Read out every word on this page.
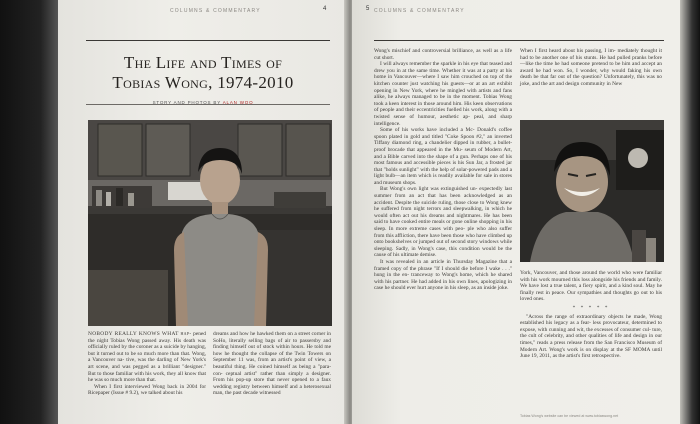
COLUMNS & COMMENTARY	4
The Life and Times of
Tobias Wong, 1974-2010
STORY AND PHOTOS BY ALAN WOO

NOBODY REALLY KNOWS WHAT hap- pened the night Tobias Wong passed away. His death was officially ruled by the coroner as a suicide by hanging, but it turned out to be so much more than that. Wong, a Vancouver na- tive, was the darling of New York's art scene, and was pegged as a brilliant "designer." But to those familiar with his work, they all know that he was so much more than that.

When I first interviewed Wong back in 2004 for Ricepaper (Issue # 9.2), we talked about his

dreams and how he hawked them on a street corner in SoHo, literally selling bags of air to passersby and finding himself out of stock within hours. He told me how he thought the collapse of the Twin Towers on September 11 was, from an artist's point of view, a beautiful thing. He coined himself as being a "para-con- ceptual artist" rather than simply a designer. From his pop-up store that never opened to a faux wedding registry between himself and a heterosexual man, the past decade witnessed

5 COLUMNS & COMMENTARY

Wong's mischief and controversial brilliance, as well as a life cut short.

I will always remember the sparkle in his eye that teased and drew you in at the same time. Whether it was at a party at his home in Vancouver—where I saw him crouched on top of the kitchen counter just watching his guests—or at an art exhibit opening in New York, where he mingled with artists and fans alike, he always managed to be in the moment. Tobias Wong took a keen interest in those around him. His keen observations of people and their eccentricities fuelled his work, along with a twisted sense of humour, aesthetic ap- peal, and sharp intelligence.

Some of his works have included a Mc- Donald's coffee spoon plated in gold and titled "Coke Spoon #2," an inverted Tiffany diamond ring, a chandelier dipped in rubber, a bullet-proof brocade that appeared in the Mu- seum of Modern Art, and a Bible carved into the shape of a gun. Perhaps one of his most famous and accessible pieces is his Sun Jar, a frosted jar that "holds sunlight" with the help of solar-powered pads and a light bulb—an item which is readily available for sale in stores and museum shops.

But Wong's own light was extinguished un- expectedly last summer from an act that has been acknowledged as an accident. Despite the suicide ruling, those close to Wong knew he suffered from night terrors and sleepwalking, in which he would often act out his dreams and nightmares. He has been said to have cooked entire meals or gone online shopping in his sleep. In more extreme cases with peo- ple who also suffer from this affliction, there have been those who have climbed up onto bookshelves or jumped out of second story windows while sleeping. Sadly, in Wong's case, this condition would be the cause of his ultimate demise.

It was revealed in an article in Thursday Magazine that a framed copy of the phrase "If I should die before I wake . . ." hung in the en- tranceway to Wong's home, which he shared with his partner. He had added in his own lines, apologizing in case he should ever hurt anyone in his sleep, as an inside joke.

When I first heard about his passing, I im- mediately thought it had to be another one of his stunts. He had pulled pranks before—like the time he had someone pretend to be him and accept an award he had won. So, I wonder, why would faking his own death be that far out of the question? Unfortunately, this was no joke, and the art and design community in New

York, Vancouver, and those around the world who were familiar with his work mourned this loss alongside his friends and family. We have lost a true talent, a fiery spirit, and a kind soul. May he finally rest in peace. Our sympathies and thoughts go out to his loved ones.

* * * * *

"Across the range of extraordinary objects he made, Wong established his legacy as a fear- less provocateur, determined to expose, with cunning and wit, the excesses of consumer cul- ture, the cult of celebrity, and other qualities of life and design in our times," reads a press release from the San Francisco Museum of Modern Art. Wong's work is on display at the SF MOMA until June 19, 2011, as the artist's first retrospective.

Tobias Wong's website can be viewed at www.tobiaswong.net
